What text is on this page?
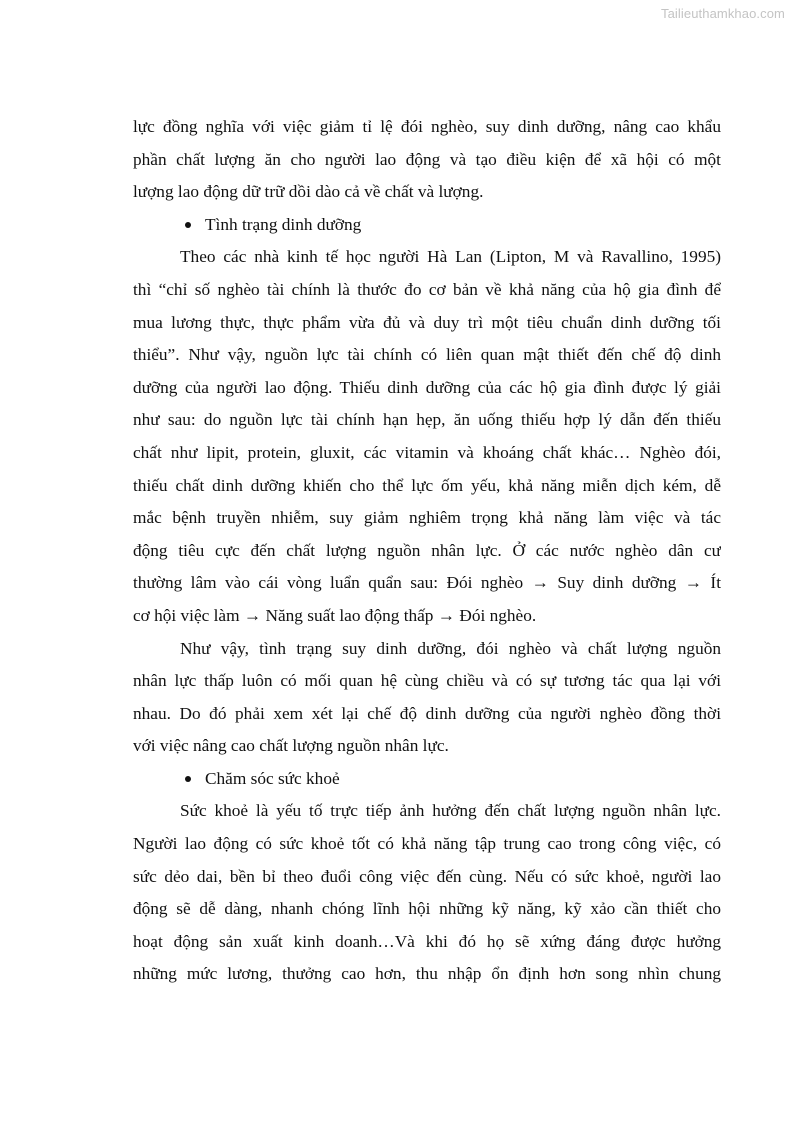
Tailieuthamkhao.com
lực đồng nghĩa với việc giảm tỉ lệ đói nghèo, suy dinh dưỡng, nâng cao khẩu
phần chất lượng ăn cho người lao động và tạo điều kiện để xã hội có một
lượng lao động dữ trữ dồi dào cả về chất và lượng.
Tình trạng dinh dưỡng
Theo các nhà kinh tế học người Hà Lan (Lipton, M và Ravallino, 1995)
thì “chỉ số nghèo tài chính là thước đo cơ bản về khả năng của hộ gia đình để
mua lương thực, thực phẩm vừa đủ và duy trì một tiêu chuẩn dinh dưỡng tối
thiểu”. Như vậy, nguồn lực tài chính có liên quan mật thiết đến chế độ dinh
dưỡng của người lao động. Thiếu dinh dưỡng của các hộ gia đình được lý giải
như sau: do nguồn lực tài chính hạn hẹp, ăn uống thiếu hợp lý dẫn đến thiếu
chất như lipit, protein, gluxit, các vitamin và khoáng chất khác… Nghèo đói,
thiếu chất dinh dưỡng khiến cho thể lực ốm yếu, khả năng miễn dịch kém, dễ
mắc bệnh truyền nhiễm, suy giảm nghiêm trọng khả năng làm việc và tác
động tiêu cực đến chất lượng nguồn nhân lực. Ở các nước nghèo dân cư
thường lâm vào cái vòng luẩn quẩn sau: Đói nghèo → Suy dinh dưỡng → Ít
cơ hội việc làm → Năng suất lao động thấp → Đói nghèo.
Như vậy, tình trạng suy dinh dưỡng, đói nghèo và chất lượng nguồn
nhân lực thấp luôn có mối quan hệ cùng chiều và có sự tương tác qua lại với
nhau. Do đó phải xem xét lại chế độ dinh dưỡng của người nghèo đồng thời
với việc nâng cao chất lượng nguồn nhân lực.
Chăm sóc sức khoẻ
Sức khoẻ là yếu tố trực tiếp ảnh hưởng đến chất lượng nguồn nhân lực.
Người lao động có sức khoẻ tốt có khả năng tập trung cao trong công việc, có
sức dẻo dai, bền bỉ theo đuổi công việc đến cùng. Nếu có sức khoẻ, người lao
động sẽ dễ dàng, nhanh chóng lĩnh hội những kỹ năng, kỹ xảo cần thiết cho
hoạt động sản xuất kinh doanh…Và khi đó họ sẽ xứng đáng được hưởng
những mức lương, thưởng cao hơn, thu nhập ổn định hơn song nhìn chung
